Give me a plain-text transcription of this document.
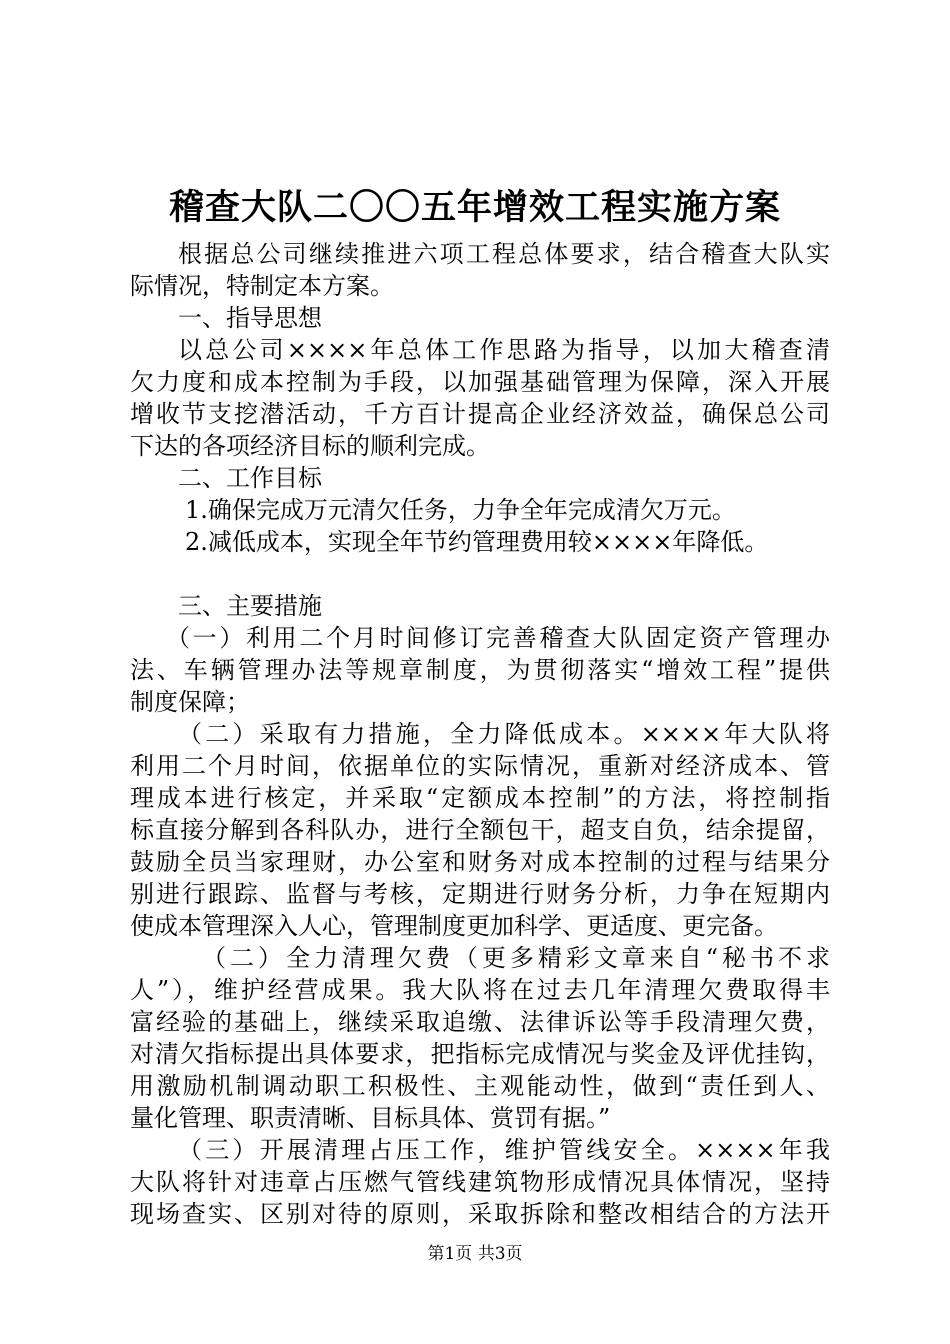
稽查大队二〇〇五年增效工程实施方案
根据总公司继续推进六项工程总体要求，结合稽查大队实
际情况，特制定本方案。
一、指导思想
以总公司××××年总体工作思路为指导，以加大稽查清
欠力度和成本控制为手段，以加强基础管理为保障，深入开展
增收节支挖潜活动，千方百计提高企业经济效益，确保总公司
下达的各项经济目标的顺利完成。
二、工作目标
1.确保完成万元清欠任务，力争全年完成清欠万元。
2.减低成本，实现全年节约管理费用较××××年降低。
三、主要措施
（一）利用二个月时间修订完善稽查大队固定资产管理办
法、车辆管理办法等规章制度，为贯彻落实“增效工程”提供
制度保障；
（二）采取有力措施，全力降低成本。××××年大队将
利用二个月时间，依据单位的实际情况，重新对经济成本、管
理成本进行核定，并采取“定额成本控制”的方法，将控制指
标直接分解到各科队办，进行全额包干，超支自负，结余提留，
鼓励全员当家理财，办公室和财务对成本控制的过程与结果分
别进行跟踪、监督与考核，定期进行财务分析，力争在短期内
使成本管理深入人心，管理制度更加科学、更适度、更完备。
（二）全力清理欠费（更多精彩文章来自“秘书不求
人”），维护经营成果。我大队将在过去几年清理欠费取得丰
富经验的基础上，继续采取追缴、法律诉讼等手段清理欠费，
对清欠指标提出具体要求，把指标完成情况与奖金及评优挂钩，
用激励机制调动职工积极性、主观能动性，做到“责任到人、
量化管理、职责清晰、目标具体、赏罚有据。”
（三）开展清理占压工作，维护管线安全。××××年我
大队将针对违章占压燃气管线建筑物形成情况具体情况，坚持
现场查实、区别对待的原则，采取拆除和整改相结合的方法开
第1页 共3页
